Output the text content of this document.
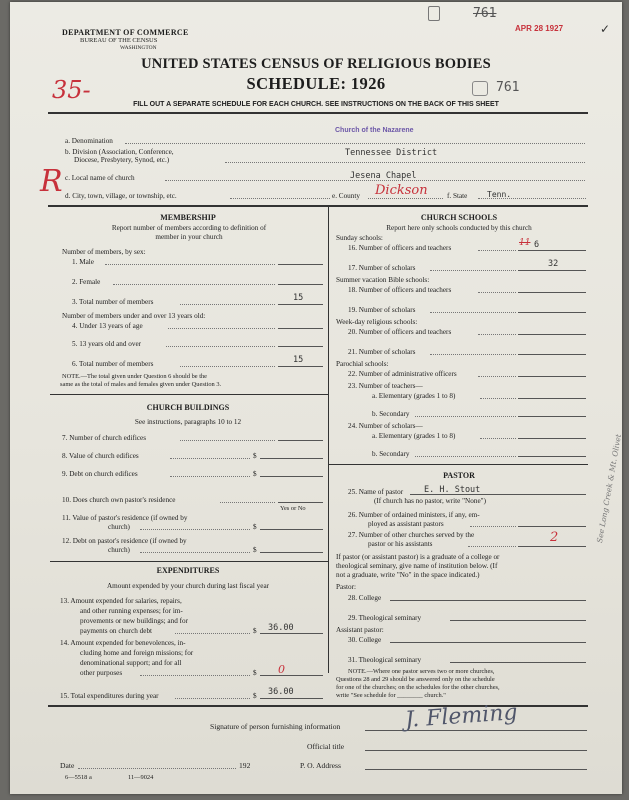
761
APR 28 1927	✓
35-	761
DEPARTMENT OF COMMERCE
BUREAU OF THE CENSUS
WASHINGTON
UNITED STATES CENSUS OF RELIGIOUS BODIES
SCHEDULE: 1926
FILL OUT A SEPARATE SCHEDULE FOR EACH CHURCH. SEE INSTRUCTIONS ON THE BACK OF THIS SHEET
a. Denomination
Church of the Nazarene
b. Division (Association, Conference,
Diocese, Presbytery, Synod, etc.)
Tennessee District
R c. Local name of church	Jesena Chapel
d. City, town, village, or township, etc.	e. County Dickson	f. State Tenn.
MEMBERSHIP
Report number of members according to definition of
member in your church
Number of members, by sex:
1. Male
2. Female
3. Total number of members	15
Number of members under and over 13 years old:
4. Under 13 years of age
5. 13 years old and over
6. Total number of members	15
NOTE.—The total given under Question 6 should be the
same as the total of males and females given under Question 3.
CHURCH BUILDINGS
See instructions, paragraphs 10 to 12
7. Number of church edifices
8. Value of church edifices	$
9. Debt on church edifices	$
10. Does church own pastor's residence
Yes or No
11. Value of pastor's residence (if owned by
church)	$
12. Debt on pastor's residence (if owned by
church)	$
EXPENDITURES
Amount expended by your church during last fiscal year
13. Amount expended for salaries, repairs,
and other running expenses; for im-
provements or new buildings; and for
payments on church debt	$ 36.00
14. Amount expended for benevolences, in-
cluding home and foreign missions; for
denominational support; and for all
other purposes	$ 0
15. Total expenditures during year	$ 36.00
CHURCH SCHOOLS
Report here only schools conducted by this church
Sunday schools:
16. Number of officers and teachers	6
11
17. Number of scholars	32
Summer vacation Bible schools:
18. Number of officers and teachers
19. Number of scholars
Week-day religious schools:
20. Number of officers and teachers
21. Number of scholars
Parochial schools:
22. Number of administrative officers
23. Number of teachers—
a. Elementary (grades 1 to 8)
b. Secondary
24. Number of scholars—
a. Elementary (grades 1 to 8)
b. Secondary
PASTOR
25. Name of pastor E. H. Stout
(If church has no pastor, write "None")
26. Number of ordained ministers, if any, em-
ployed as assistant pastors
27. Number of other churches served by the
pastor or his assistants	2
If pastor (or assistant pastor) is a graduate of a college or
theological seminary, give name of institution below. (If
not a graduate, write "No" in the space indicated.)
Pastor:
28. College
29. Theological seminary
Assistant pastor:
30. College
31. Theological seminary
NOTE.—Where one pastor serves two or more churches,
Questions 28 and 29 should be answered only on the schedule
for one of the churches; on the schedules for the other churches,
write "See schedule for ________ church."
See Long Creek & Mt. Olivet
Signature of person furnishing information	J. Fleming
Official title
Date	192	P. O. Address
6—5518 a	11—9024
